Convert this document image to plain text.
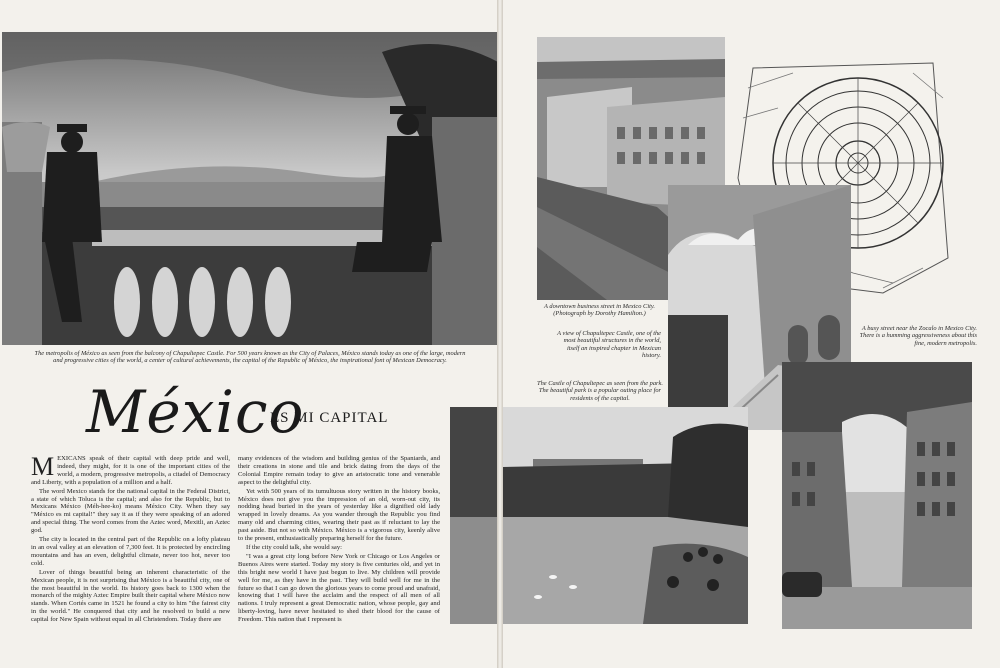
The metropolis of México as seen from the balcony of Chapultepec Castle. For 500 years known as the City of Palaces, México stands today as one of the large, modern and progressive cities of the world, a center of cultural achievements, the capital of the Republic of México, the inspirational font of Mexican Democracy.

México
ES MI CAPITAL

MEXICANS speak of their capital with deep pride and well, indeed, they might, for it is one of the important cities of the world, a modern, progressive metropolis, a citadel of Democracy and Liberty, with a population of a million and a half.

The word Mexico stands for the national capital in the Federal District, a state of which Toluca is the capital; and also for the Republic, but to Mexicans México (Méh-hee-ko) means México City. When they say "México es mi capital!" they say it as if they were speaking of an adored and special thing. The word comes from the Aztec word, Mexitli, an Aztec god.

The city is located in the central part of the Republic on a lofty plateau in an oval valley at an elevation of 7,300 feet. It is protected by encircling mountains and has an even, delightful climate, never too hot, never too cold.

Lover of things beautiful being an inherent characteristic of the Mexican people, it is not surprising that México is a beautiful city, one of the most beautiful in the world. Its history goes back to 1300 when the monarch of the mighty Aztec Empire built their capital where México now stands. When Cortés came in 1521 he found a city to him "the fairest city in the world." He conquered that city and he resolved to build a new capital for New Spain without equal in all Christendom. Today there are

many evidences of the wisdom and building genius of the Spaniards, and their creations in stone and tile and brick dating from the days of the Colonial Empire remain today to give an aristocratic tone and venerable aspect to the delightful city.

Yet with 500 years of its tumultuous story written in the history books, México does not give you the impression of an old, worn-out city, its nodding head buried in the years of yesterday like a dignified old lady wrapped in lovely dreams. As you wander through the Republic you find many old and charming cities, wearing their past as if reluctant to lay the past aside. But not so with México. México is a vigorous city, keenly alive to the present, enthusiastically preparing herself for the future.

If the city could talk, she would say:

"I was a great city long before New York or Chicago or Los Angeles or Buenos Aires were started. Today my story is five centuries old, and yet in this bright new world I have just begun to live. My children will provide well for me, as they have in the past. They will build well for me in the future so that I can go down the glorious years to come proud and unafraid, knowing that I will have the acclaim and the respect of all men of all nations. I truly represent a great Democratic nation, whose people, gay and liberty-loving, have never hesitated to shed their blood for the cause of Freedom. This nation that I represent is

A downtown business street in Mexico City. (Photograph by Dorothy Hamilton.)

A view of Chapultepec Castle, one of the most beautiful structures in the world, itself an inspired chapter in Mexican history.

The Castle of Chapultepec as seen from the park. The beautiful park is a popular outing place for residents of the capital.

A busy street near the Zocalo in Mexico City. There is a humming aggressiveness about this fine, modern metropolis.
